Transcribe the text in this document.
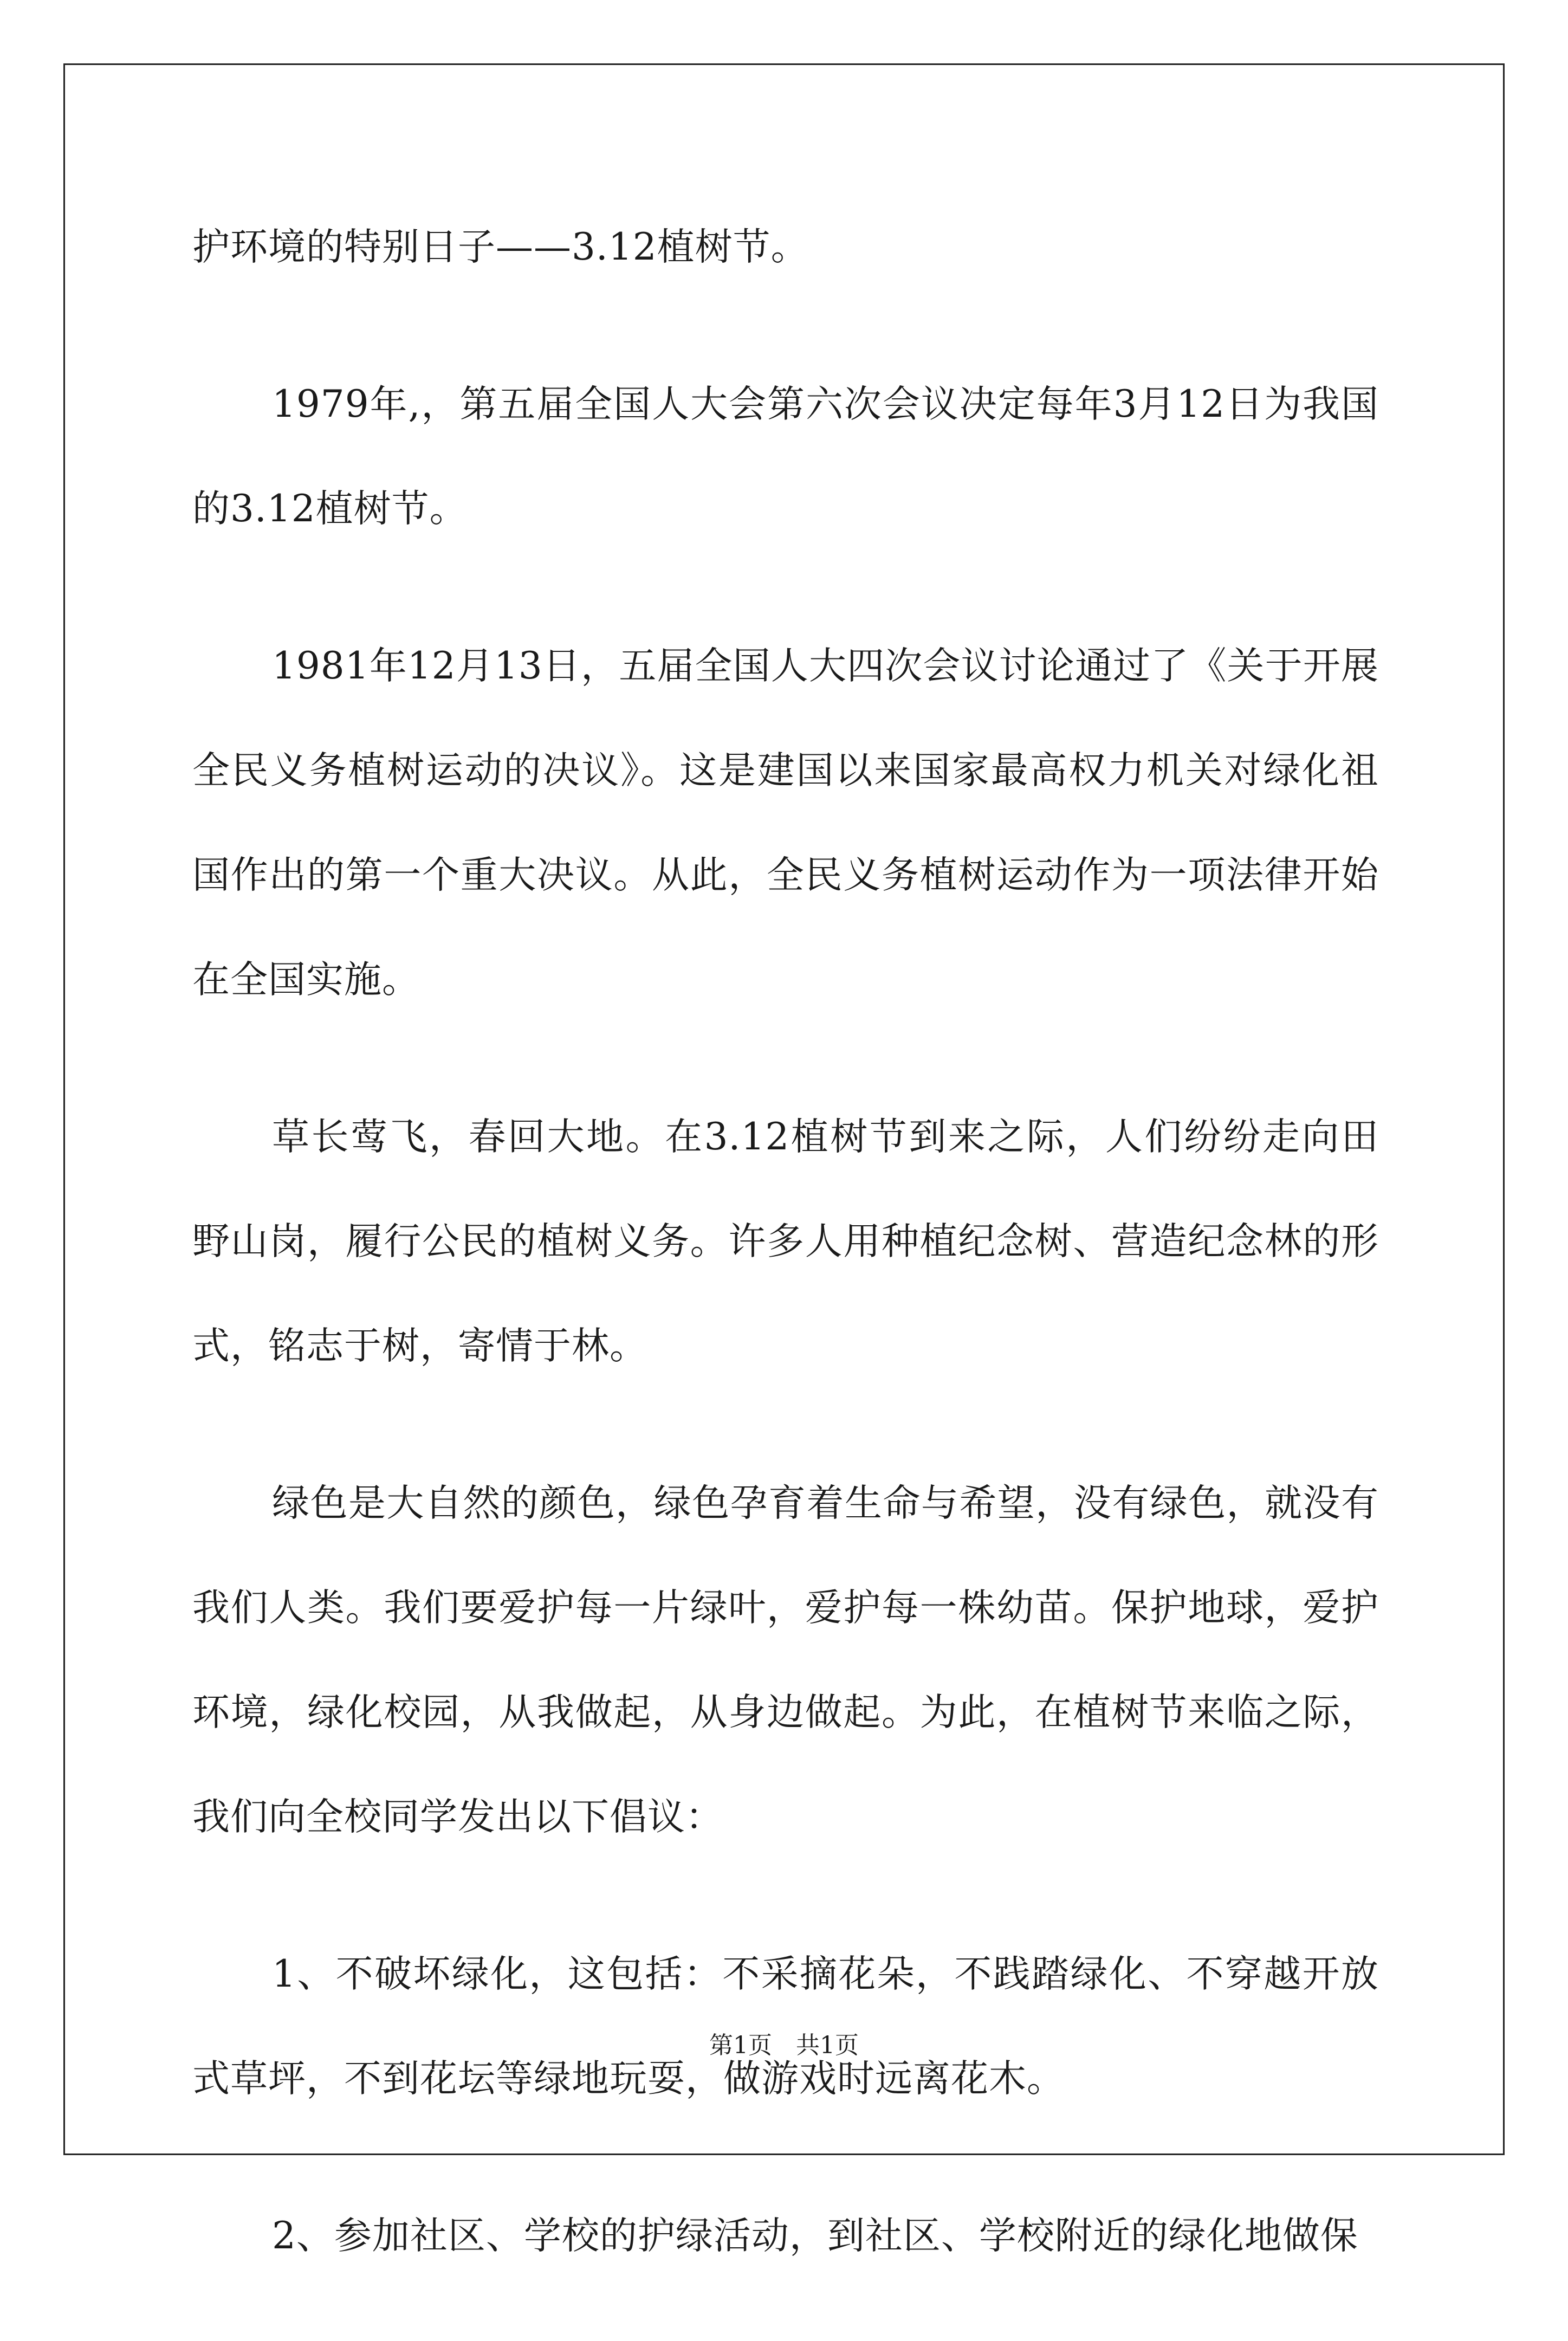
护环境的特别日子——3.12植树节。

1979年,，第五届全国人大会第六次会议决定每年3月12日为我国的3.12植树节。

1981年12月13日，五届全国人大四次会议讨论通过了《关于开展全民义务植树运动的决议》。这是建国以来国家最高权力机关对绿化祖国作出的第一个重大决议。从此，全民义务植树运动作为一项法律开始在全国实施。

草长莺飞，春回大地。在3.12植树节到来之际，人们纷纷走向田野山岗，履行公民的植树义务。许多人用种植纪念树、营造纪念林的形式，铭志于树，寄情于林。

绿色是大自然的颜色，绿色孕育着生命与希望，没有绿色，就没有我们人类。我们要爱护每一片绿叶，爱护每一株幼苗。保护地球，爱护环境，绿化校园，从我做起，从身边做起。为此，在植树节来临之际，我们向全校同学发出以下倡议：

1、不破坏绿化，这包括：不采摘花朵，不践踏绿化、不穿越开放式草坪，不到花坛等绿地玩耍，做游戏时远离花木。

2、参加社区、学校的护绿活动，到社区、学校附近的绿化地做保

第1页 共1页
